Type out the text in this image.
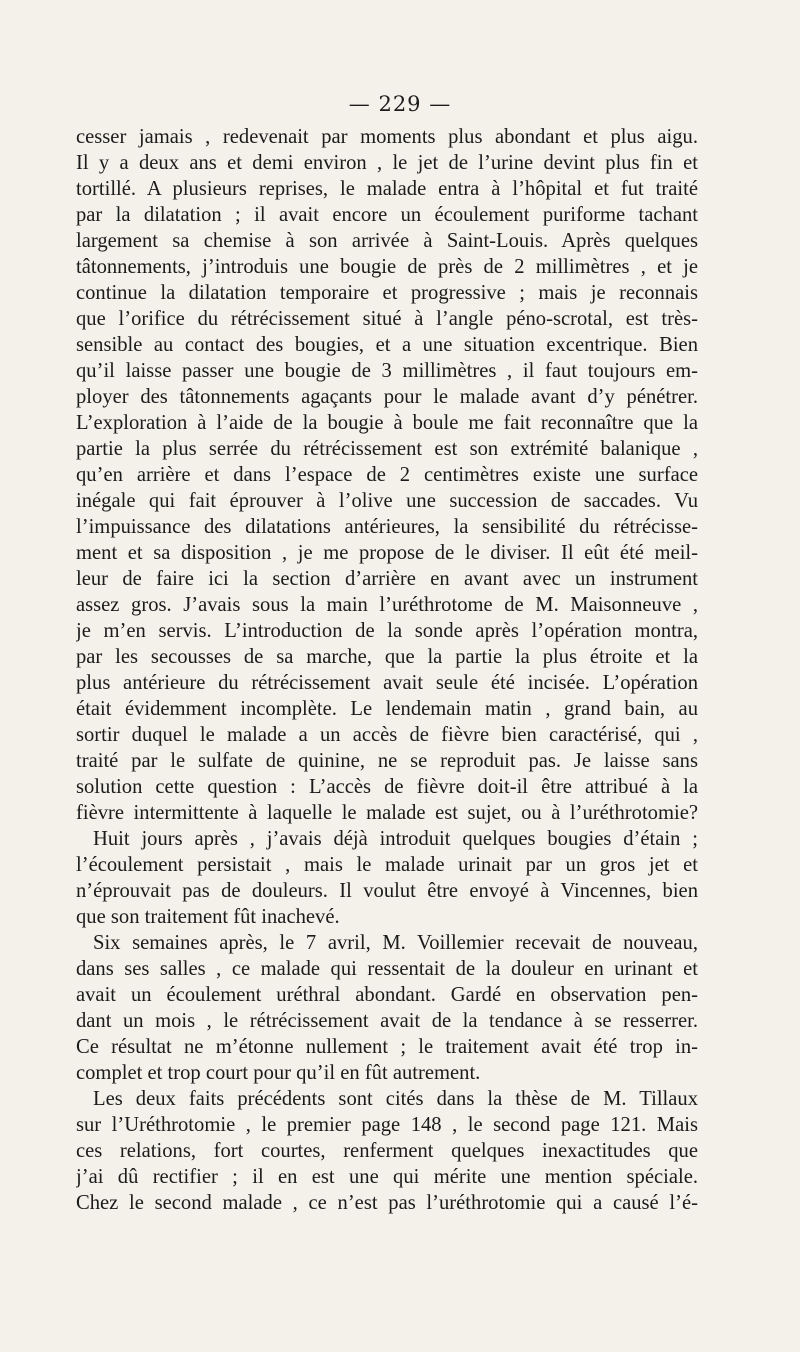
— 229 —
cesser jamais , redevenait par moments plus abondant et plus aigu.
Il y a deux ans et demi environ , le jet de l’urine devint plus fin et
tortillé. A plusieurs reprises, le malade entra à l’hôpital et fut traité
par la dilatation ; il avait encore un écoulement puriforme tachant
largement sa chemise à son arrivée à Saint-Louis. Après quelques
tâtonnements, j’introduis une bougie de près de 2 millimètres , et je
continue la dilatation temporaire et progressive ; mais je reconnais
que l’orifice du rétrécissement situé à l’angle péno-scrotal, est très-
sensible au contact des bougies, et a une situation excentrique. Bien
qu’il laisse passer une bougie de 3 millimètres , il faut toujours em-
ployer des tâtonnements agaçants pour le malade avant d’y pénétrer.
L’exploration à l’aide de la bougie à boule me fait reconnaître que la
partie la plus serrée du rétrécissement est son extrémité balanique ,
qu’en arrière et dans l’espace de 2 centimètres existe une surface
inégale qui fait éprouver à l’olive une succession de saccades. Vu
l’impuissance des dilatations antérieures, la sensibilité du rétrécisse-
ment et sa disposition , je me propose de le diviser. Il eût été meil-
leur de faire ici la section d’arrière en avant avec un instrument
assez gros. J’avais sous la main l’uréthrotome de M. Maisonneuve ,
je m’en servis. L’introduction de la sonde après l’opération montra,
par les secousses de sa marche, que la partie la plus étroite et la
plus antérieure du rétrécissement avait seule été incisée. L’opération
était évidemment incomplète. Le lendemain matin , grand bain, au
sortir duquel le malade a un accès de fièvre bien caractérisé, qui ,
traité par le sulfate de quinine, ne se reproduit pas. Je laisse sans
solution cette question : L’accès de fièvre doit-il être attribué à la
fièvre intermittente à laquelle le malade est sujet, ou à l’uréthrotomie?
Huit jours après , j’avais déjà introduit quelques bougies d’étain ;
l’écoulement persistait , mais le malade urinait par un gros jet et
n’éprouvait pas de douleurs. Il voulut être envoyé à Vincennes, bien
que son traitement fût inachevé.
Six semaines après, le 7 avril, M. Voillemier recevait de nouveau,
dans ses salles , ce malade qui ressentait de la douleur en urinant et
avait un écoulement uréthral abondant. Gardé en observation pen-
dant un mois , le rétrécissement avait de la tendance à se resserrer.
Ce résultat ne m’étonne nullement ; le traitement avait été trop in-
complet et trop court pour qu’il en fût autrement.
Les deux faits précédents sont cités dans la thèse de M. Tillaux
sur l’Uréthrotomie , le premier page 148 , le second page 121. Mais
ces relations, fort courtes, renferment quelques inexactitudes que
j’ai dû rectifier ; il en est une qui mérite une mention spéciale.
Chez le second malade , ce n’est pas l’uréthrotomie qui a causé l’é-
